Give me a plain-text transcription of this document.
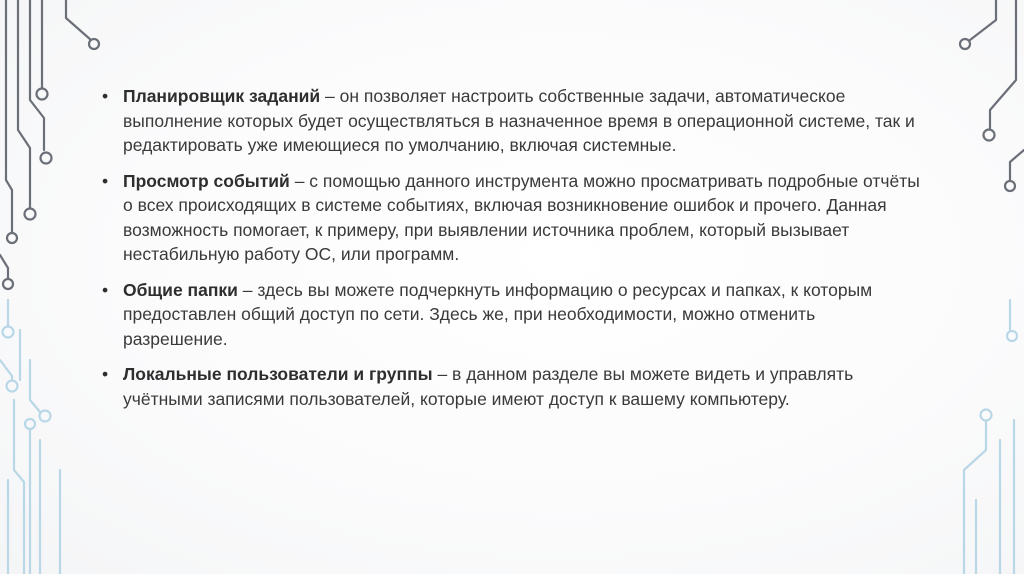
• Планировщик заданий – он позволяет настроить собственные задачи, автоматическое выполнение которых будет осуществляться в назначенное время в операционной системе, так и редактировать уже имеющиеся по умолчанию, включая системные.
• Просмотр событий – с помощью данного инструмента можно просматривать подробные отчёты о всех происходящих в системе событиях, включая возникновение ошибок и прочего. Данная возможность помогает, к примеру, при выявлении источника проблем, который вызывает нестабильную работу ОС, или программ.
• Общие папки – здесь вы можете подчеркнуть информацию о ресурсах и папках, к которым предоставлен общий доступ по сети. Здесь же, при необходимости, можно отменить разрешение.
• Локальные пользователи и группы – в данном разделе вы можете видеть и управлять учётными записями пользователей, которые имеют доступ к вашему компьютеру.
